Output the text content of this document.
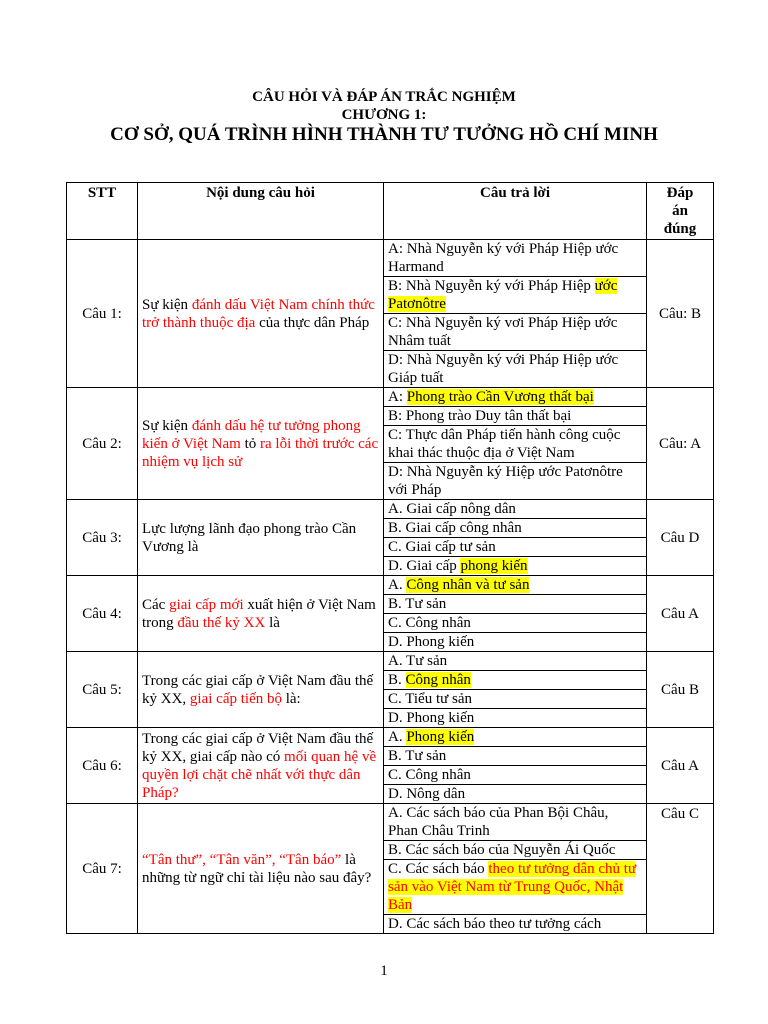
CÂU HỎI VÀ ĐÁP ÁN TRẮC NGHIỆM
CHƯƠNG 1:
CƠ SỞ, QUÁ TRÌNH HÌNH THÀNH TƯ TƯỞNG HỒ CHÍ MINH
STT	Nội dung câu hỏi	Câu trả lời	Đáp
án
đúng

Câu 1:	Sự kiện đánh dấu Việt Nam chính thức trở thành thuộc địa của thực dân Pháp	A: Nhà Nguyễn ký với Pháp Hiệp ước Harmand	Câu: B
		B: Nhà Nguyễn ký với Pháp Hiệp ước Patơnôtre	
		C: Nhà Nguyễn ký vơi Pháp Hiệp ước Nhâm tuất	
		D: Nhà Nguyễn ký với Pháp Hiệp ước Giáp tuất	
Câu 2:	Sự kiện đánh dấu hệ tư tưởng phong kiến ở Việt Nam tỏ ra lỗi thời trước các nhiệm vụ lịch sử	A: Phong trào Cần Vương thất bại	Câu: A
		B: Phong trào Duy tân thất bại	
		C: Thực dân Pháp tiến hành công cuộc khai thác thuộc địa ở Việt Nam	
		D: Nhà Nguyễn ký Hiệp ước Patơnôtre với Pháp	
Câu 3:	Lực lượng lãnh đạo phong trào Cần Vương là	A. Giai cấp nông dân	Câu D
		B. Giai cấp công nhân	
		C. Giai cấp tư sản	
		D. Giai cấp phong kiến	
Câu 4:	Các giai cấp mới xuất hiện ở Việt Nam trong đầu thế kỷ XX là	A. Công nhân và tư sản	Câu A
		B. Tư sản	
		C. Công nhân	
		D. Phong kiến	
Câu 5:	Trong các giai cấp ở Việt Nam đầu thế kỷ XX, giai cấp tiến bộ là:	A. Tư sản	Câu B
		B. Công nhân	
		C. Tiểu tư sản	
		D. Phong kiến	
Câu 6:	Trong các giai cấp ở Việt Nam đầu thế kỷ XX, giai cấp nào có mối quan hệ về quyền lợi chặt chẽ nhất với thực dân Pháp?	A. Phong kiến	Câu A
		B. Tư sản	
		C. Công nhân	
		D. Nông dân	
Câu 7:	“Tân thư”, “Tân văn”, “Tân báo” là những từ ngữ chỉ tài liệu nào sau đây?	A. Các sách báo của Phan Bội Châu, Phan Châu Trinh	Câu C
		B. Các sách báo của Nguyễn Ái Quốc	
		C. Các sách báo theo tư tưởng dân chủ tư sản vào Việt Nam từ Trung Quốc, Nhật Bản	
		D. Các sách báo theo tư tưởng cách	
1
